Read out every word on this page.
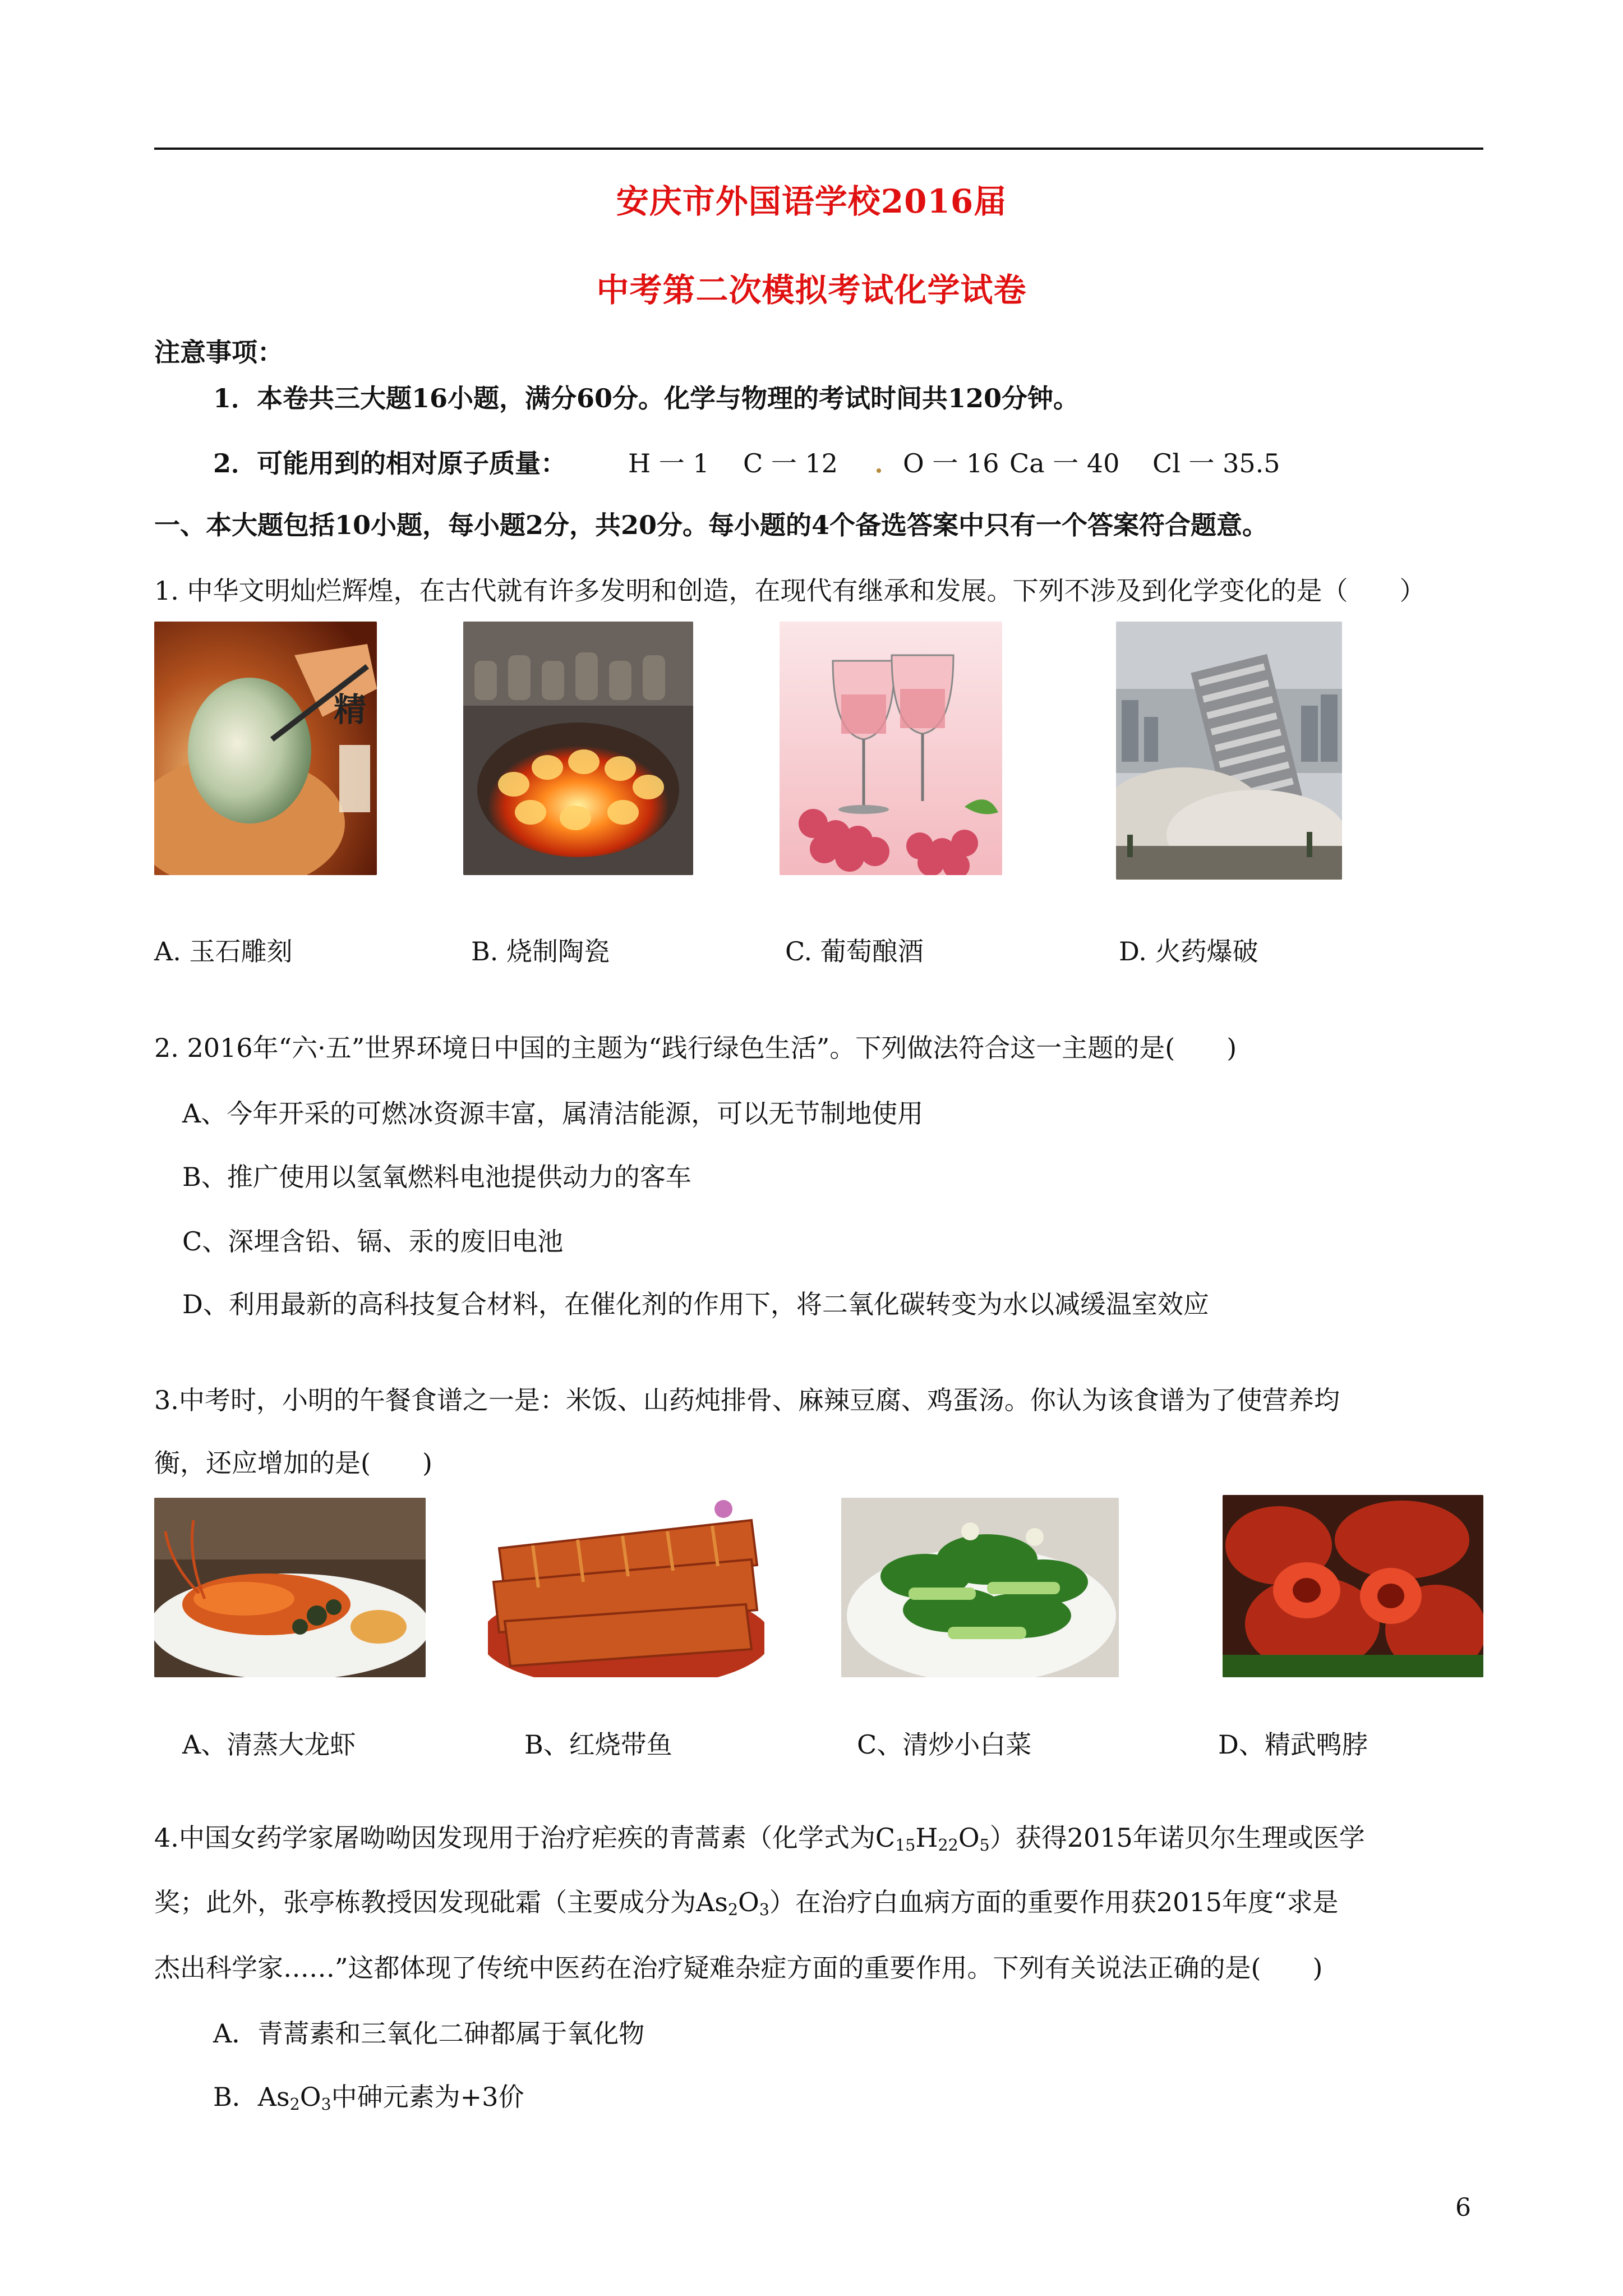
安庆市外国语学校2016届
中考第二次模拟考试化学试卷
注意事项：
1．本卷共三大题16小题，满分60分。化学与物理的考试时间共120分钟。
2．可能用到的相对原子质量： H 一 1 C 一 12	O 一 16 Ca 一 40 Cl 一 35.5
一、本大题包括10小题，每小题2分，共20分。每小题的4个备选答案中只有一个答案符合题意。
1. 中华文明灿烂辉煌，在古代就有许多发明和创造，在现代有继承和发展。下列不涉及到化学变化的是（　　）
精
A. 玉石雕刻	B. 烧制陶瓷	C. 葡萄酿酒	D. 火药爆破
2. 2016年“六·五”世界环境日中国的主题为“践行绿色生活”。下列做法符合这一主题的是(　　)
A、今年开采的可燃冰资源丰富，属清洁能源，可以无节制地使用
B、推广使用以氢氧燃料电池提供动力的客车
C、深埋含铅、镉、汞的废旧电池
D、利用最新的高科技复合材料，在催化剂的作用下，将二氧化碳转变为水以减缓温室效应
3.中考时，小明的午餐食谱之一是：米饭、山药炖排骨、麻辣豆腐、鸡蛋汤。你认为该食谱为了使营养均
衡，还应增加的是(　　)
A、清蒸大龙虾	B、红烧带鱼	C、清炒小白菜	D、精武鸭脖
4.中国女药学家屠呦呦因发现用于治疗疟疾的青蒿素（化学式为$C_{15}H_{22}O_5$）获得2015年诺贝尔生理或医学
奖；此外，张亭栋教授因发现砒霜（主要成分为$As_2O_3$）在治疗白血病方面的重要作用获2015年度“求是
杰出科学家……”这都体现了传统中医药在治疗疑难杂症方面的重要作用。下列有关说法正确的是(　　)
A．青蒿素和三氧化二砷都属于氧化物
B．$As_2O_3$中砷元素为+3价
6
